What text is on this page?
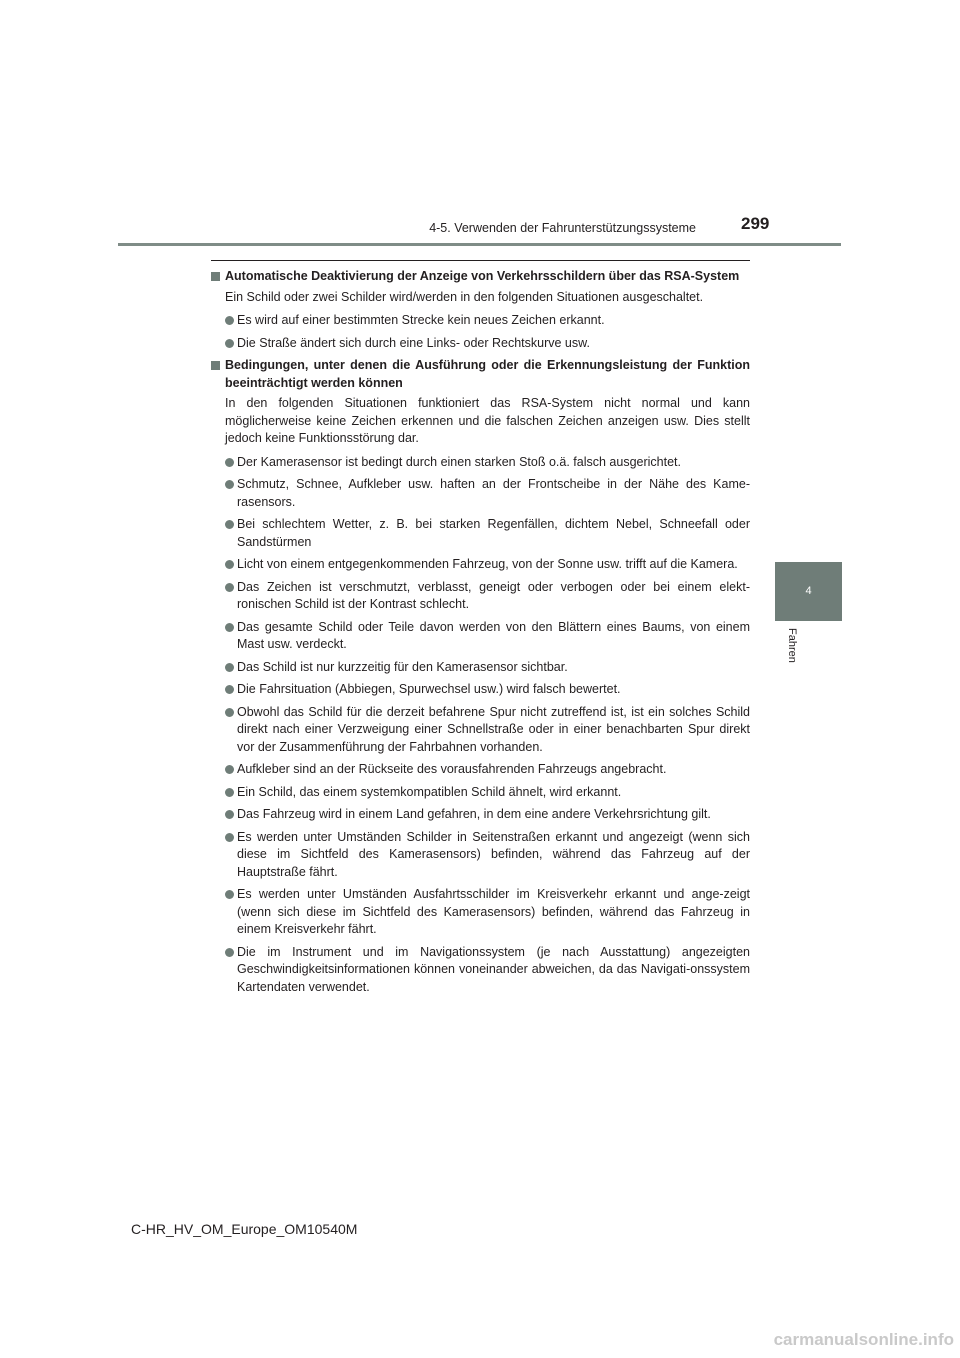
4-5. Verwenden der Fahrunterstützungssysteme	299
4
Fahren
Automatische Deaktivierung der Anzeige von Verkehrsschildern über das RSA-System
Ein Schild oder zwei Schilder wird/werden in den folgenden Situationen ausgeschaltet.
Es wird auf einer bestimmten Strecke kein neues Zeichen erkannt.
Die Straße ändert sich durch eine Links- oder Rechtskurve usw.
Bedingungen, unter denen die Ausführung oder die Erkennungsleistung der Funktion beeinträchtigt werden können
In den folgenden Situationen funktioniert das RSA-System nicht normal und kann möglicherweise keine Zeichen erkennen und die falschen Zeichen anzeigen usw. Dies stellt jedoch keine Funktionsstörung dar.
Der Kamerasensor ist bedingt durch einen starken Stoß o.ä. falsch ausgerichtet.
Schmutz, Schnee, Aufkleber usw. haften an der Frontscheibe in der Nähe des Kame-rasensors.
Bei schlechtem Wetter, z. B. bei starken Regenfällen, dichtem Nebel, Schneefall oder Sandstürmen
Licht von einem entgegenkommenden Fahrzeug, von der Sonne usw. trifft auf die Kamera.
Das Zeichen ist verschmutzt, verblasst, geneigt oder verbogen oder bei einem elekt-ronischen Schild ist der Kontrast schlecht.
Das gesamte Schild oder Teile davon werden von den Blättern eines Baums, von einem Mast usw. verdeckt.
Das Schild ist nur kurzzeitig für den Kamerasensor sichtbar.
Die Fahrsituation (Abbiegen, Spurwechsel usw.) wird falsch bewertet.
Obwohl das Schild für die derzeit befahrene Spur nicht zutreffend ist, ist ein solches Schild direkt nach einer Verzweigung einer Schnellstraße oder in einer benachbarten Spur direkt vor der Zusammenführung der Fahrbahnen vorhanden.
Aufkleber sind an der Rückseite des vorausfahrenden Fahrzeugs angebracht.
Ein Schild, das einem systemkompatiblen Schild ähnelt, wird erkannt.
Das Fahrzeug wird in einem Land gefahren, in dem eine andere Verkehrsrichtung gilt.
Es werden unter Umständen Schilder in Seitenstraßen erkannt und angezeigt (wenn sich diese im Sichtfeld des Kamerasensors) befinden, während das Fahrzeug auf der Hauptstraße fährt.
Es werden unter Umständen Ausfahrtsschilder im Kreisverkehr erkannt und ange-zeigt (wenn sich diese im Sichtfeld des Kamerasensors) befinden, während das Fahrzeug in einem Kreisverkehr fährt.
Die im Instrument und im Navigationssystem (je nach Ausstattung) angezeigten Geschwindigkeitsinformationen können voneinander abweichen, da das Navigati-onssystem Kartendaten verwendet.
C-HR_HV_OM_Europe_OM10540M
carmanualsonline.info
